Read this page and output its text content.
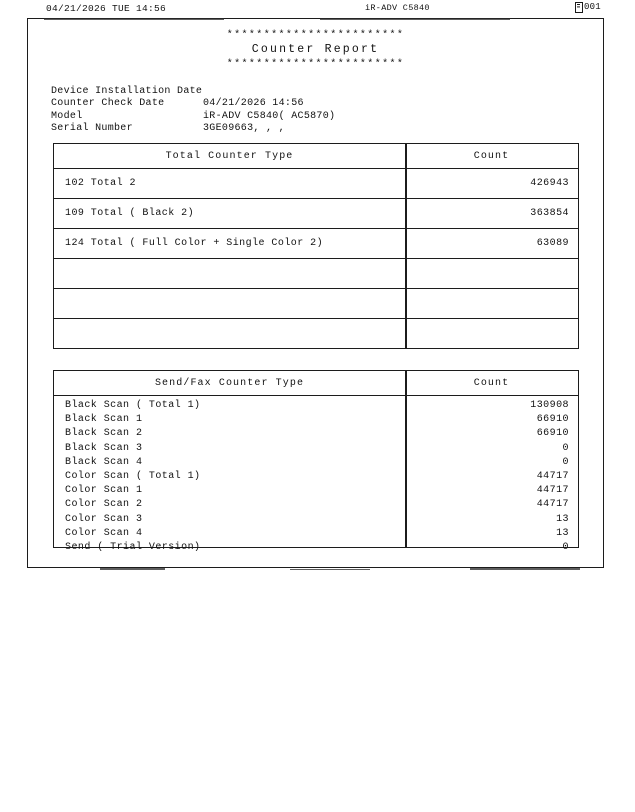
04/21/2026 TUE 14:56	iR-ADV C5840	001
************************
Counter Report
************************
Device Installation Date
Counter Check Date	04/21/2026 14:56
Model	iR-ADV C5840( AC5870)
Serial Number	3GE09663, , ,
Total Counter Type	Count
102 Total 2	426943
109 Total ( Black 2)	363854
124 Total ( Full Color + Single Color 2)	63089
Send/Fax Counter Type	Count
Black Scan ( Total 1)	130908
Black Scan 1	66910
Black Scan 2	66910
Black Scan 3	0
Black Scan 4	0
Color Scan ( Total 1)	44717
Color Scan 1	44717
Color Scan 2	44717
Color Scan 3	13
Color Scan 4	13
Send ( Trial Version)	0
